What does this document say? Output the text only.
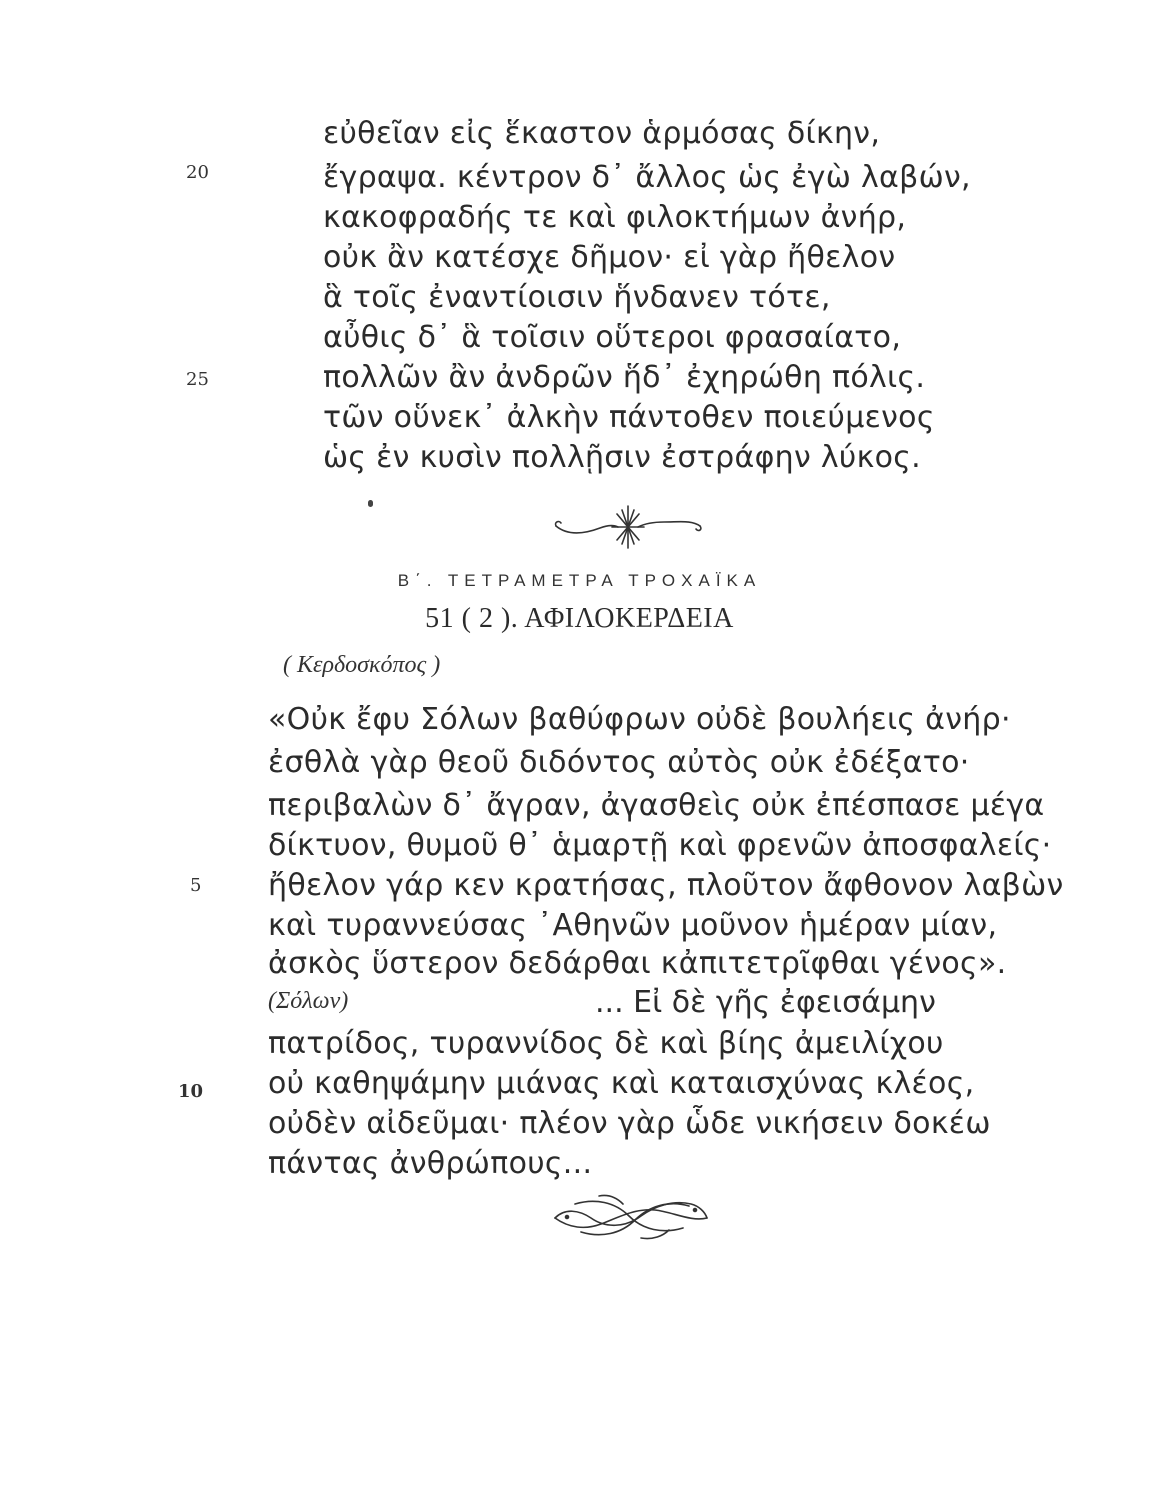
εὐθεῖαν εἰς ἕκαστον ἁρμόσας δίκην,
ἔγραψα. κέντρον δ᾽ ἄλλος ὡς ἐγὼ λαβών,
κακοφραδής τε καὶ φιλοκτήμων ἀνήρ,
οὐκ ἂν κατέσχε δῆμον· εἰ γὰρ ἤθελον
ἃ τοῖς ἐναντίοισιν ἥνδανεν τότε,
αὖθις δ᾽ ἃ τοῖσιν οὕτεροι φρασαίατο,
πολλῶν ἂν ἀνδρῶν ἥδ᾽ ἐχηρώθη πόλις.
τῶν οὕνεκ᾽ ἀλκὴν πάντοθεν ποιεύμενος
ὡς ἐν κυσὶν πολλῇσιν ἐστράφην λύκος.
20
25
Β΄. ΤΕΤΡΑΜΕΤΡΑ ΤΡΟΧΑΪΚΑ
51 ( 2 ). ΑΦΙΛΟΚΕΡΔΕΙΑ
( Κερδοσκόπος )
«Οὐκ ἔφυ Σόλων βαθύφρων οὐδὲ βουλήεις ἀνήρ·
ἐσθλὰ γὰρ θεοῦ διδόντος αὐτὸς οὐκ ἐδέξατο·
περιβαλὼν δ᾽ ἄγραν, ἀγασθεὶς οὐκ ἐπέσπασε μέγα
δίκτυον, θυμοῦ θ᾽ ἁμαρτῇ καὶ φρενῶν ἀποσφαλείς·
ἤθελον γάρ κεν κρατήσας, πλοῦτον ἄφθονον λαβὼν
καὶ τυραννεύσας ᾽Αθηνῶν μοῦνον ἡμέραν μίαν,
ἀσκὸς ὕστερον δεδάρθαι κἀπιτετρῖφθαι γένος».
(Σόλων)	... Εἰ δὲ γῆς ἐφεισάμην
πατρίδος, τυραννίδος δὲ καὶ βίης ἀμειλίχου
οὐ καθηψάμην μιάνας καὶ καταισχύνας κλέος,
οὐδὲν αἰδεῦμαι· πλέον γὰρ ὧδε νικήσειν δοκέω
πάντας ἀνθρώπους...
5
10
